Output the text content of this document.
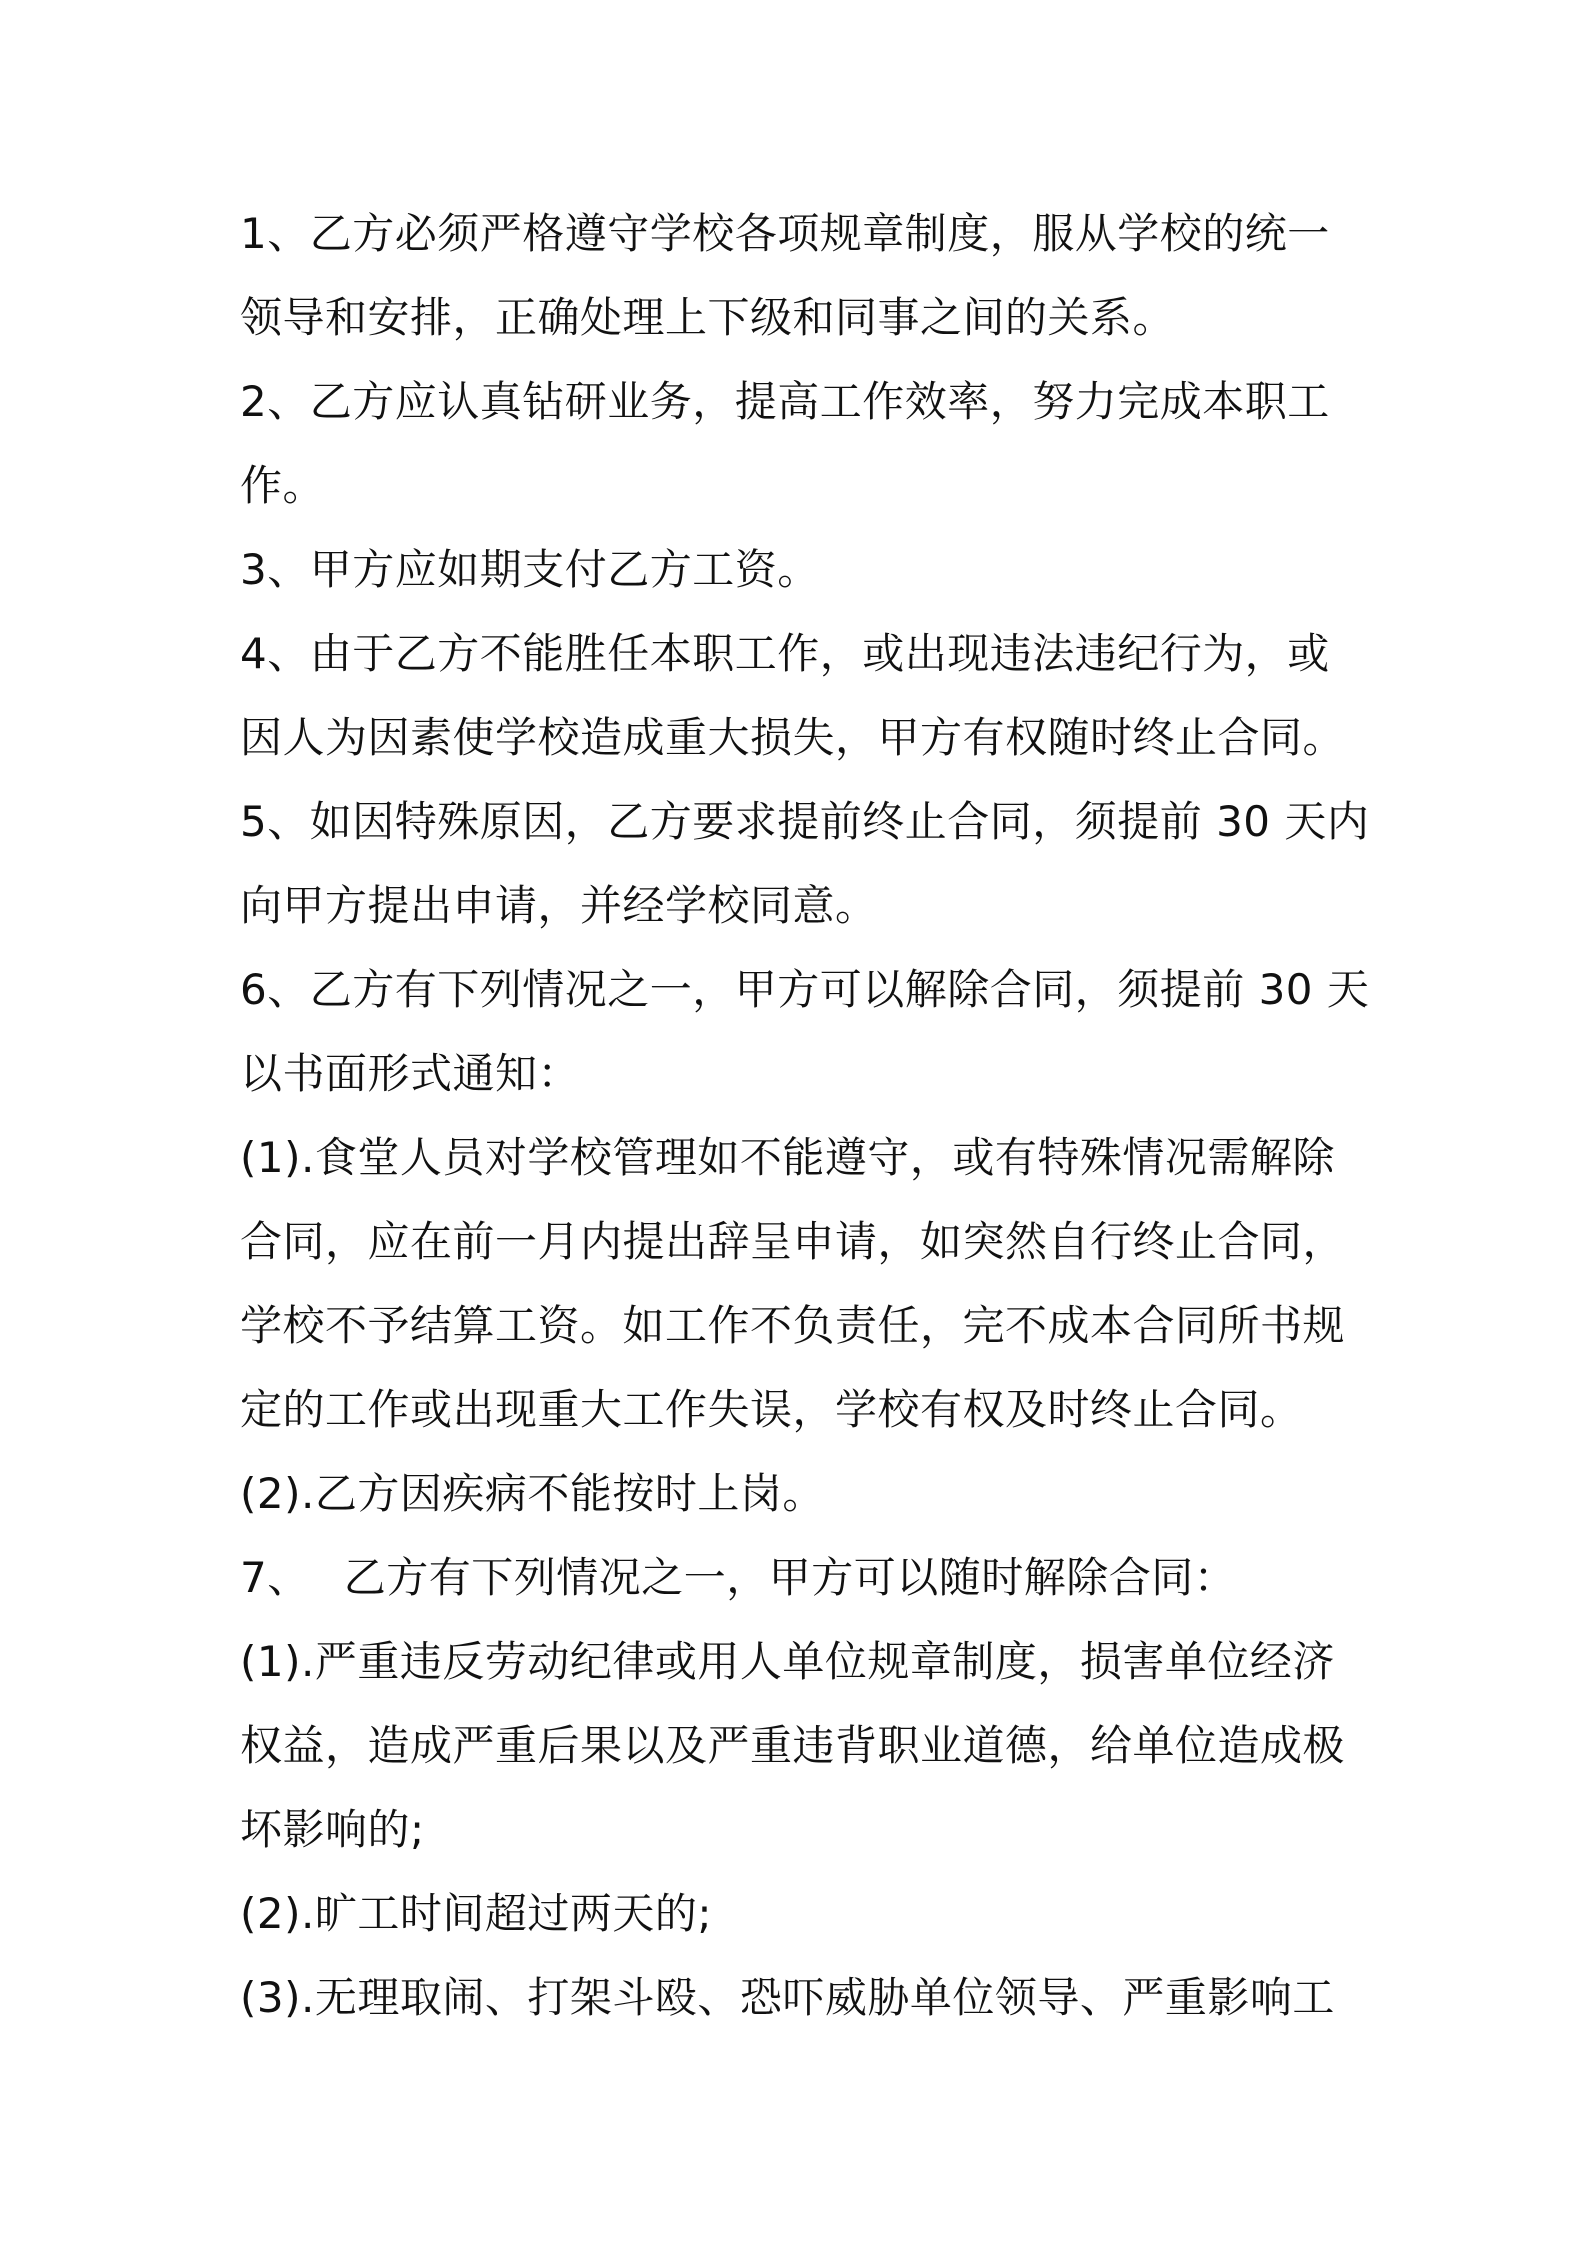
1、乙方必须严格遵守学校各项规章制度，服从学校的统一
领导和安排，正确处理上下级和同事之间的关系。
2、乙方应认真钻研业务，提高工作效率，努力完成本职工
作。
3、甲方应如期支付乙方工资。
4、由于乙方不能胜任本职工作，或出现违法违纪行为，或
因人为因素使学校造成重大损失，甲方有权随时终止合同。
5、如因特殊原因，乙方要求提前终止合同，须提前 30 天内
向甲方提出申请，并经学校同意。
6、乙方有下列情况之一，甲方可以解除合同，须提前 30 天
以书面形式通知：
(1).食堂人员对学校管理如不能遵守，或有特殊情况需解除
合同，应在前一月内提出辞呈申请，如突然自行终止合同，
学校不予结算工资。如工作不负责任，完不成本合同所书规
定的工作或出现重大工作失误，学校有权及时终止合同。
(2).乙方因疾病不能按时上岗。
7、 乙方有下列情况之一，甲方可以随时解除合同：
(1).严重违反劳动纪律或用人单位规章制度，损害单位经济
权益，造成严重后果以及严重违背职业道德，给单位造成极
坏影响的;
(2).旷工时间超过两天的;
(3).无理取闹、打架斗殴、恐吓威胁单位领导、严重影响工
